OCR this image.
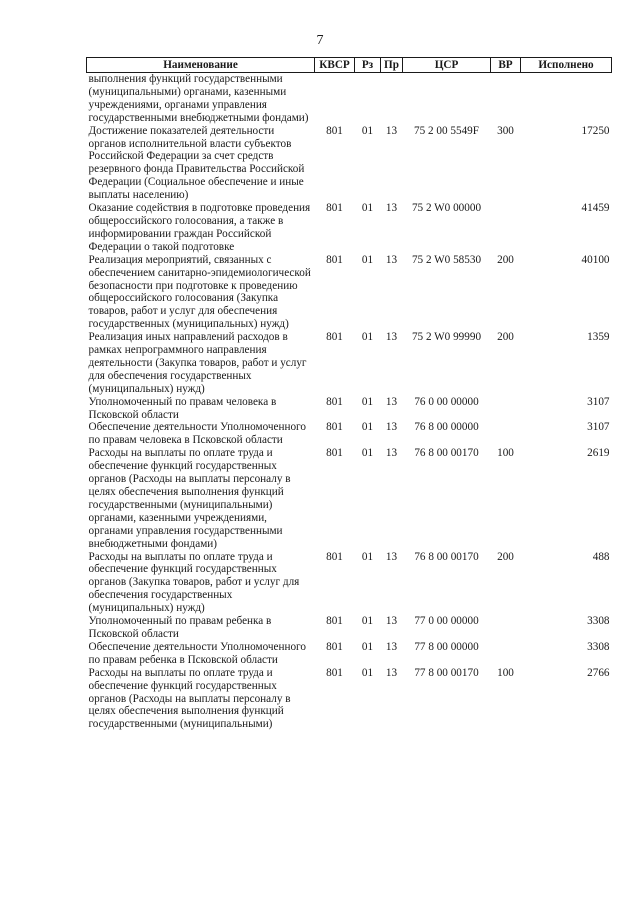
7
Наименование	КВСР	Рз	Пр	ЦСР	ВР	Исполнено
выполнения функций государственными (муниципальными) органами, казенными учреждениями, органами управления государственными внебюджетными фондами)						
Достижение показателей деятельности органов исполнительной власти субъектов Российской Федерации за счет средств резервного фонда Правительства Российской Федерации (Социальное обеспечение и иные выплаты населению)	801	01	13	75 2 00 5549F	300	17250
Оказание содействия в подготовке проведения общероссийского голосования, а также в информировании граждан Российской Федерации о такой подготовке	801	01	13	75 2 W0 00000		41459
Реализация мероприятий, связанных с обеспечением санитарно-эпидемиологической безопасности при подготовке к проведению общероссийского голосования (Закупка товаров, работ и услуг для обеспечения государственных (муниципальных) нужд)	801	01	13	75 2 W0 58530	200	40100
Реализация иных направлений расходов в рамках непрограммного направления деятельности (Закупка товаров, работ и услуг для обеспечения государственных (муниципальных) нужд)	801	01	13	75 2 W0 99990	200	1359
Уполномоченный по правам человека в Псковской области	801	01	13	76 0 00 00000		3107
Обеспечение деятельности Уполномоченного по правам человека в Псковской области	801	01	13	76 8 00 00000		3107
Расходы на выплаты по оплате труда и обеспечение функций государственных органов (Расходы на выплаты персоналу в целях обеспечения выполнения функций государственными (муниципальными) органами, казенными учреждениями, органами управления государственными внебюджетными фондами)	801	01	13	76 8 00 00170	100	2619
Расходы на выплаты по оплате труда и обеспечение функций государственных органов (Закупка товаров, работ и услуг для обеспечения государственных (муниципальных) нужд)	801	01	13	76 8 00 00170	200	488
Уполномоченный по правам ребенка в Псковской области	801	01	13	77 0 00 00000		3308
Обеспечение деятельности Уполномоченного по правам ребенка в Псковской области	801	01	13	77 8 00 00000		3308
Расходы на выплаты по оплате труда и обеспечение функций государственных органов (Расходы на выплаты персоналу в целях обеспечения выполнения функций государственными (муниципальными)	801	01	13	77 8 00 00170	100	2766
